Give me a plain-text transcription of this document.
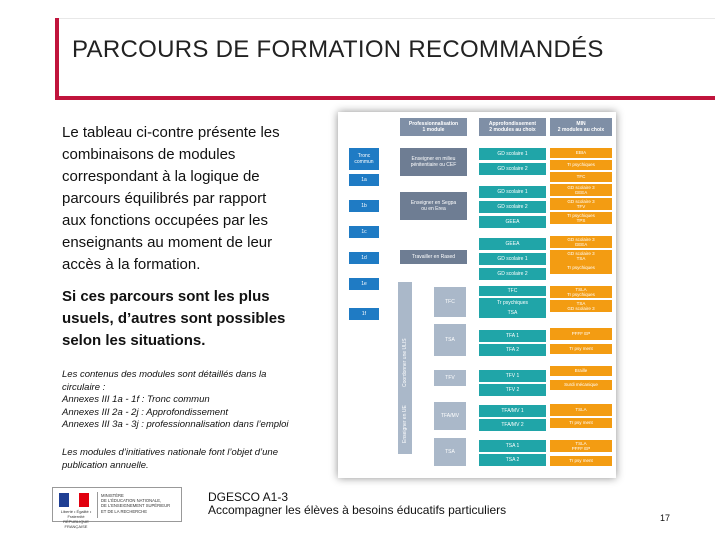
PARCOURS DE FORMATION RECOMMANDÉS
Le tableau ci-contre présente les
combinaisons de modules
correspondant à la logique de
parcours équilibrés par rapport
aux fonctions occupées par les
enseignants au moment de leur
accès à la formation.
Si ces parcours sont les plus
usuels, d’autres sont possibles
selon les situations.
Les contenus des modules sont détaillés dans la
circulaire :
Annexes III 1a - 1f : Tronc commun
Annexes III 2a - 2j : Approfondissement
Annexes III 3a - 3j : professionnalisation dans l’emploi
Les modules d’initiatives nationale font l’objet d’une
publication annuelle.
Professionnalisation
1 module
Approfondissement
2 modules au choix
MIN
2 modules au choix
Tronc
commun
1a
1b
1c
1d
1e
1f
Enseigner en milieu
pénitentiaire ou CEF
Enseigner en Segpa
ou en Erea
Travailler en Rased
Coordonner une ULIS
Enseigner en UE
TFC
TSA
TFV
TFA/MV
TSA
GD scolaire 1
GD scolaire 2
GD scolaire 1
GD scolaire 2
GEEA
GEEA
GD scolaire 1
GD scolaire 2
TFC
Tr psychiques
TSA
TFA 1
TFA 2
TFV 1
TFV 2
TFA/MV 1
TFA/MV 2
TSA 1
TSA 2
EBIA
Tr psychiques
TFC
GD scolaire 3
GEEA
GD scolaire 3
TFV
Tr psychiques
TPS
GD scolaire 3
GEEA
GD scolaire 3
TSA
Tr psychiques
TSLA
Tr psychiques
TSA
GD scolaire 3
PFFF EP
Tr psy ment
Braille
Surdi mécanique
TSLA
Tr psy ment
TSLA
PFFF EP
Tr psy ment
Liberté • Égalité • Fraternité
RÉPUBLIQUE FRANÇAISE
MINISTÈRE
DE L'ÉDUCATION NATIONALE,
DE L'ENSEIGNEMENT SUPÉRIEUR
ET DE LA RECHERCHE
DGESCO A1-3
Accompagner les élèves à besoins éducatifs particuliers
17
